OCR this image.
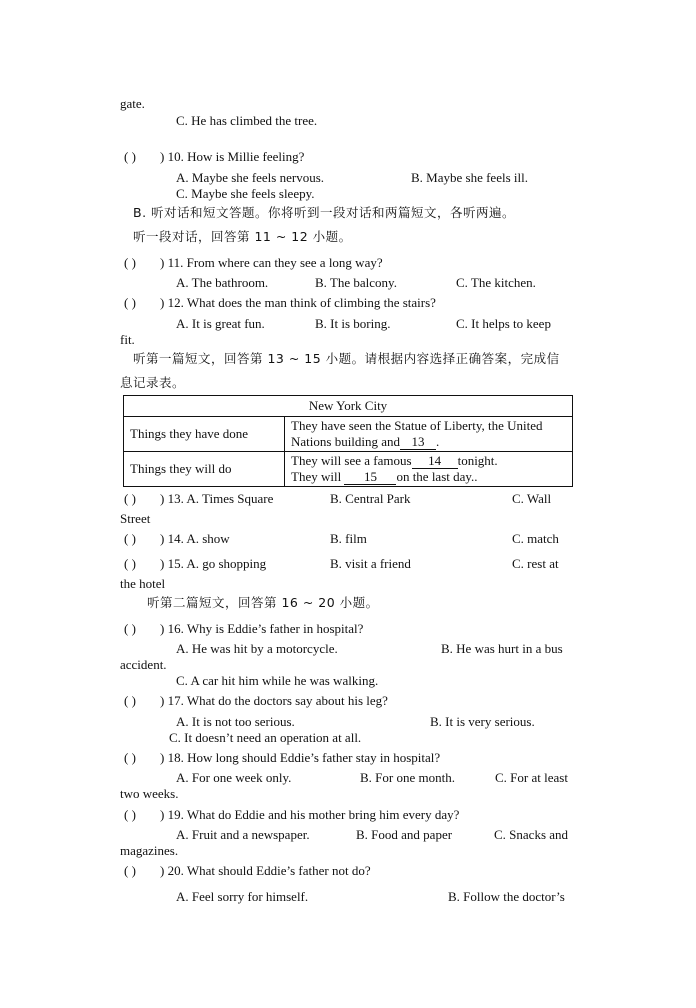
gate.
C. He has climbed the tree.
( ) ) 10. How is Millie feeling?
A. Maybe she feels nervous.	B. Maybe she feels ill.
C. Maybe she feels sleepy.
B. 听对话和短文答题。你将听到一段对话和两篇短文，各听两遍。
听一段对话，回答第 11 ~ 12 小题。
( ) ) 11. From where can they see a long way?
A. The bathroom.	B. The balcony.	C. The kitchen.
( ) ) 12. What does the man think of climbing the stairs?
A. It is great fun.	B. It is boring.	C. It helps to keep
fit.
听第一篇短文，回答第 13 ~ 15 小题。请根据内容选择正确答案，完成信
息记录表。
New York City	
Things they have done	They have seen the Statue of Liberty, the United
Nations building and 13 .

Things they will do	They will see a famous 14 tonight.
They will 15 on the last day..
( ) ) 13. A. Times Square	B. Central Park	C. Wall
Street
( ) ) 14. A. show	B. film	C. match
( ) ) 15. A. go shopping	B. visit a friend	C. rest at
the hotel
听第二篇短文，回答第 16 ~ 20 小题。
( ) ) 16. Why is Eddie’s father in hospital?
A. He was hit by a motorcycle.	B. He was hurt in a bus
accident.
C. A car hit him while he was walking.
( ) ) 17. What do the doctors say about his leg?
A. It is not too serious.	B. It is very serious.
C. It doesn’t need an operation at all.
( ) ) 18. How long should Eddie’s father stay in hospital?
A. For one week only.	B. For one month.	C. For at least
two weeks.
( ) ) 19. What do Eddie and his mother bring him every day?
A. Fruit and a newspaper.	B. Food and paper	C. Snacks and
magazines.
( ) ) 20. What should Eddie’s father not do?
A. Feel sorry for himself.	B. Follow the doctor’s
